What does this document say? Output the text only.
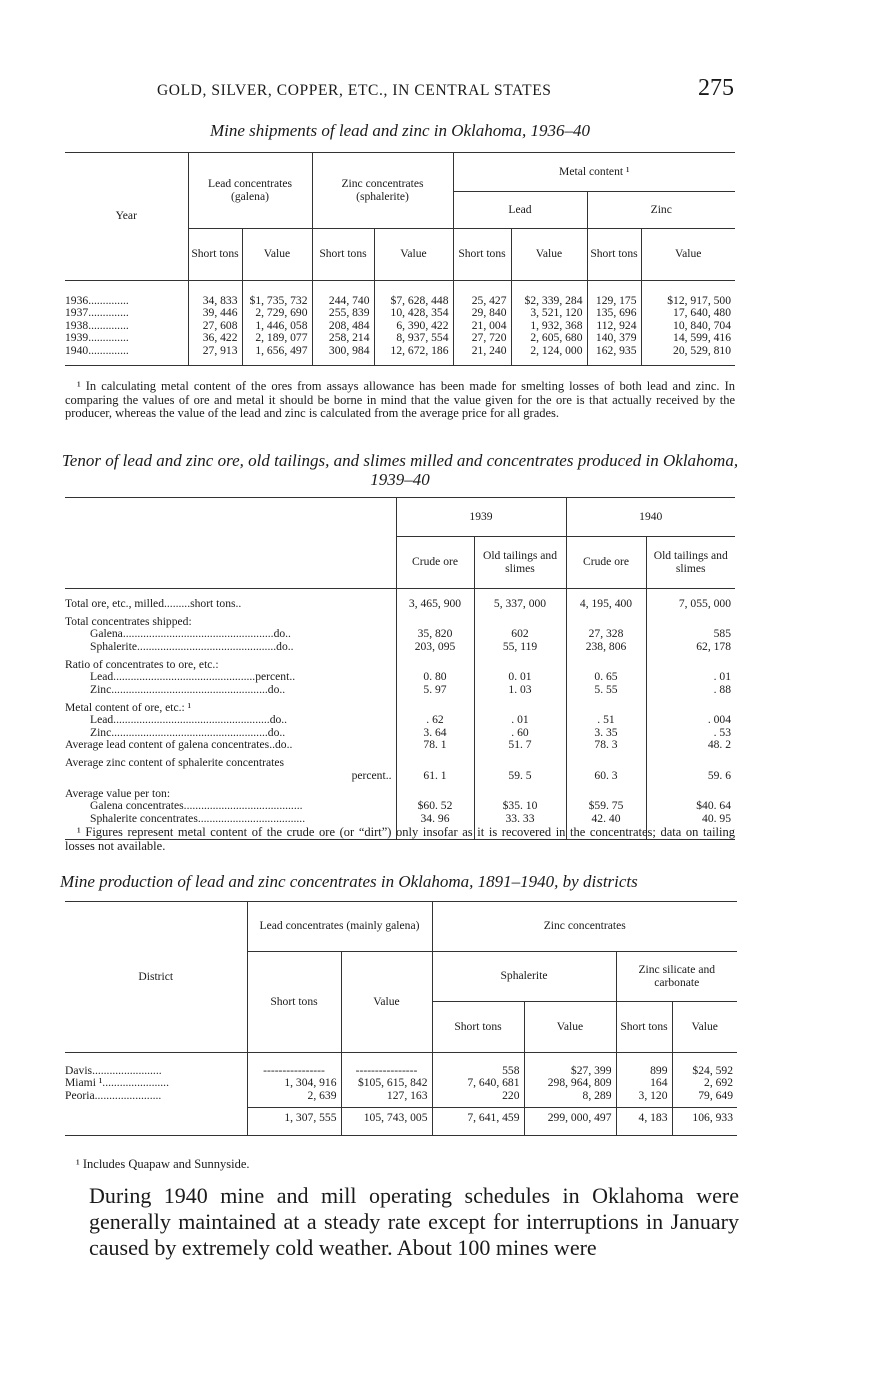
GOLD, SILVER, COPPER, ETC., IN CENTRAL STATES	275
Mine shipments of lead and zinc in Oklahoma, 1936–40
Year	Lead concentrates (galena)		Zinc concentrates (sphalerite)		Metal content ¹			
					Lead		Zinc	
	Short tons	Value	Short tons	Value	Short tons	Value	Short tons	Value

1936..............	34, 833	$1, 735, 732	244, 740	$7, 628, 448	25, 427	$2, 339, 284	129, 175	$12, 917, 500
1937..............	39, 446	2, 729, 690	255, 839	10, 428, 354	29, 840	3, 521, 120	135, 696	17, 640, 480
1938..............	27, 608	1, 446, 058	208, 484	6, 390, 422	21, 004	1, 932, 368	112, 924	10, 840, 704
1939..............	36, 422	2, 189, 077	258, 214	8, 937, 554	27, 720	2, 605, 680	140, 379	14, 599, 416
1940..............	27, 913	1, 656, 497	300, 984	12, 672, 186	21, 240	2, 124, 000	162, 935	20, 529, 810

¹ In calculating metal content of the ores from assays allowance has been made for smelting losses of both lead and zinc. In comparing the values of ore and metal it should be borne in mind that the value given for the ore is that actually received by the producer, whereas the value of the lead and zinc is calculated from the average price for all grades.
Tenor of lead and zinc ore, old tailings, and slimes milled and concentrates produced in Oklahoma, 1939–40
	1939		1940	
	Crude ore	Old tailings and slimes	Crude ore	Old tailings and slimes

Total ore, etc., milled.........short tons..	3, 465, 900	5, 337, 000	4, 195, 400	7, 055, 000
Total concentrates shipped:				
Galena....................................................do..	35, 820	602	27, 328	585
Sphalerite................................................do..	203, 095	55, 119	238, 806	62, 178
Ratio of concentrates to ore, etc.:				
Lead.................................................percent..	0. 80	0. 01	0. 65	. 01
Zinc......................................................do..	5. 97	1. 03	5. 55	. 88
Metal content of ore, etc.: ¹				
Lead......................................................do..	. 62	. 01	. 51	. 004
Zinc......................................................do..	3. 64	. 60	3. 35	. 53
Average lead content of galena concentrates..do..	78. 1	51. 7	78. 3	48. 2
Average zinc content of sphalerite concentrates				
percent..	61. 1	59. 5	60. 3	59. 6
Average value per ton:				
Galena concentrates.........................................	$60. 52	$35. 10	$59. 75	$40. 64
Sphalerite concentrates.....................................	34. 96	33. 33	42. 40	40. 95

¹ Figures represent metal content of the crude ore (or “dirt”) only insofar as it is recovered in the concentrates; data on tailing losses not available.
Mine production of lead and zinc concentrates in Oklahoma, 1891–1940, by districts
District	Lead concentrates (mainly galena)		Zinc concentrates			
	Short tons	Value	Sphalerite		Zinc silicate and carbonate	
			Short tons	Value	Short tons	Value

Davis........................	----------------	----------------	558	$27, 399	899	$24, 592
Miami ¹.......................	1, 304, 916	$105, 615, 842	7, 640, 681	298, 964, 809	164	2, 692
Peoria.......................	2, 639	127, 163	220	8, 289	3, 120	79, 649

	1, 307, 555	105, 743, 005	7, 641, 459	299, 000, 497	4, 183	106, 933

¹ Includes Quapaw and Sunnyside.
During 1940 mine and mill operating schedules in Oklahoma were generally maintained at a steady rate except for interruptions in January caused by extremely cold weather. About 100 mines were
